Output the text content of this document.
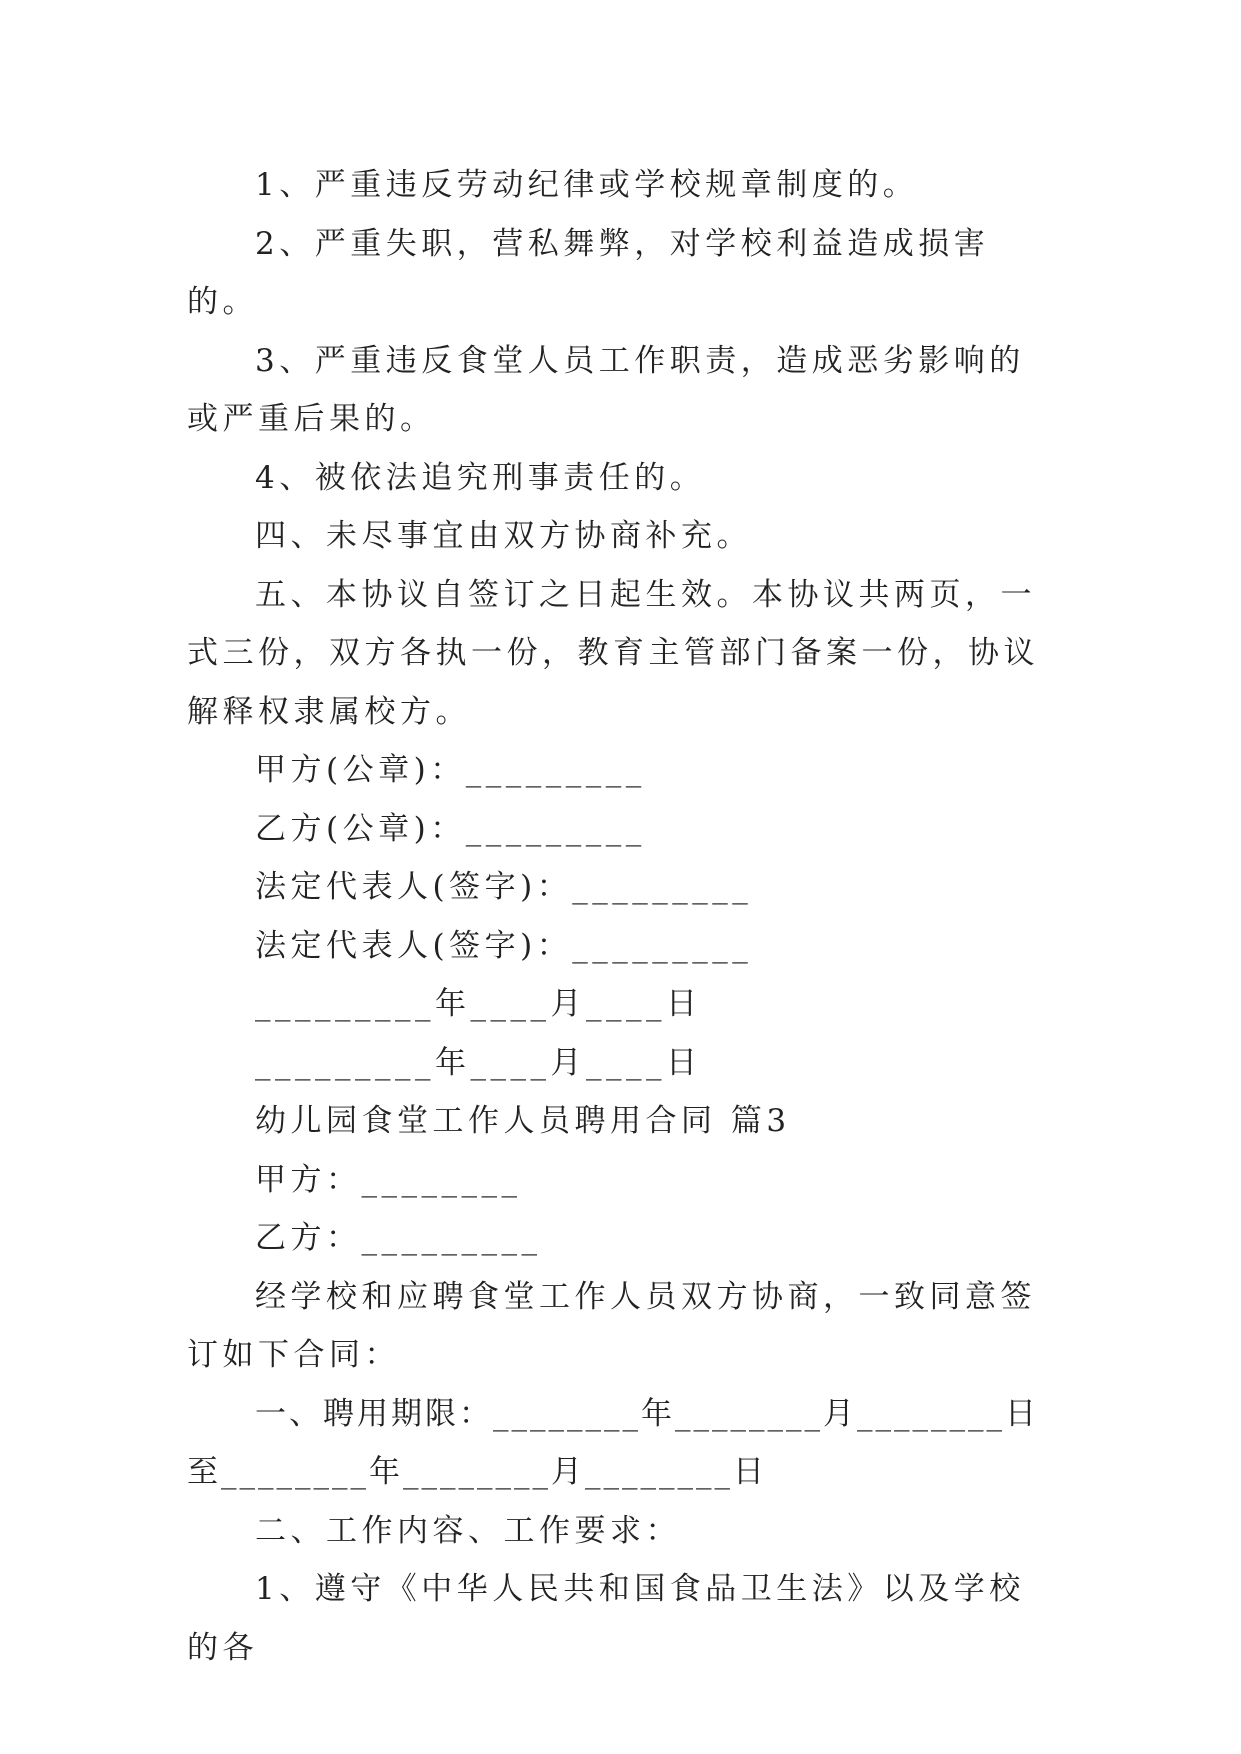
1、严重违反劳动纪律或学校规章制度的。

2、严重失职，营私舞弊，对学校利益造成损害的。

3、严重违反食堂人员工作职责，造成恶劣影响的或严重后果的。

4、被依法追究刑事责任的。

四、未尽事宜由双方协商补充。

五、本协议自签订之日起生效。本协议共两页，一式三份，双方各执一份，教育主管部门备案一份，协议解释权隶属校方。

甲方(公章)：_________

乙方(公章)：_________

法定代表人(签字)：_________

法定代表人(签字)：_________

_________年____月____日

_________年____月____日

幼儿园食堂工作人员聘用合同 篇3

甲方：________

乙方：_________

经学校和应聘食堂工作人员双方协商，一致同意签订如下合同：

一、聘用期限：________年________月________日至________年________月________日

二、工作内容、工作要求：

1、遵守《中华人民共和国食品卫生法》以及学校的各
